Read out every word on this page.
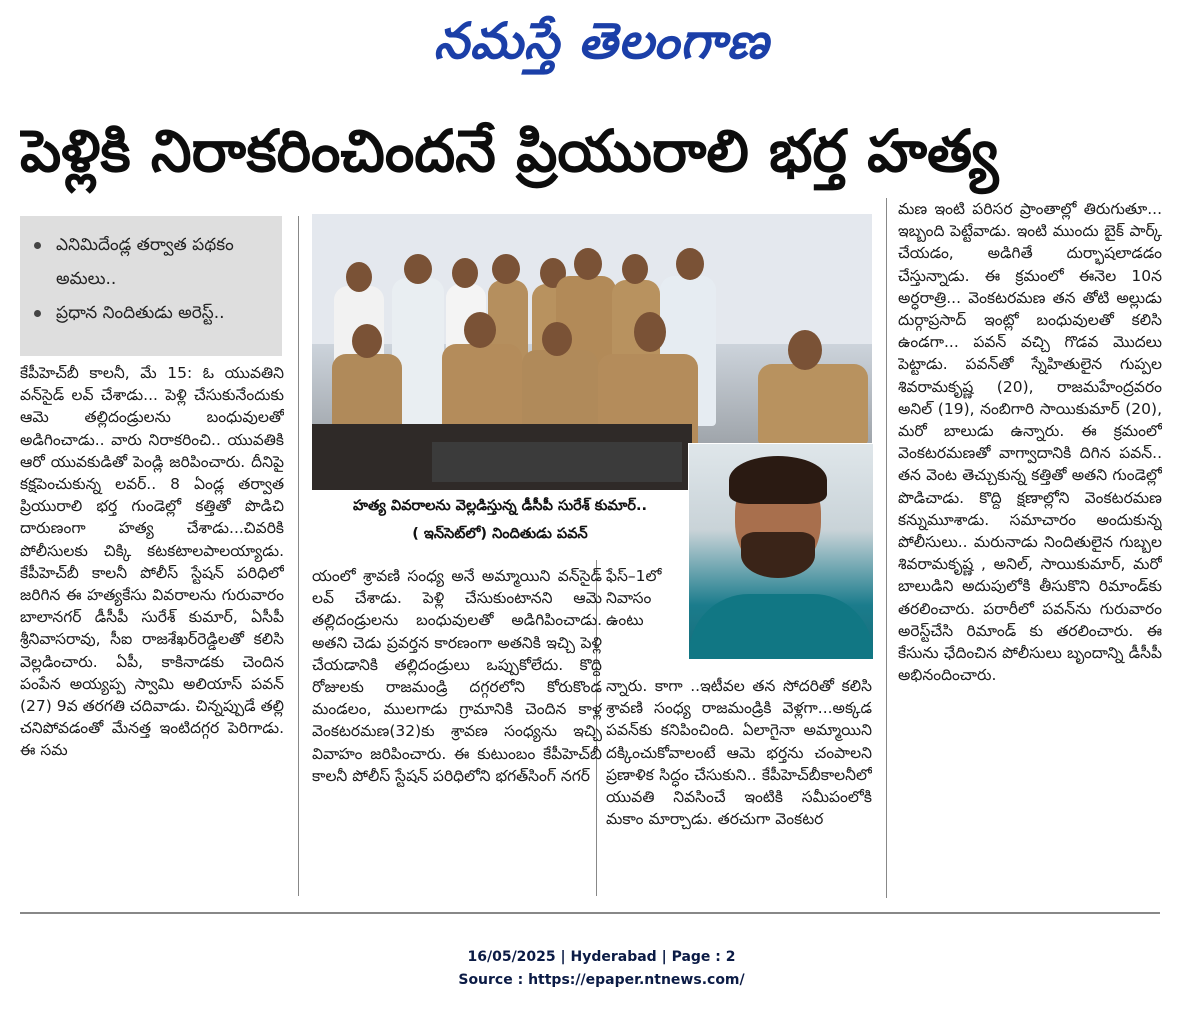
నమస్తే తెలంగాణ
పెళ్లికి నిరాకరించిందనే ప్రియురాలి భర్త హత్య
ఎనిమిదేండ్ల తర్వాత పథకం అమలు..
ప్రధాన నిందితుడు అరెస్ట్..
హత్య వివరాలను వెల్లడిస్తున్న డీసీపీ సురేశ్ కుమార్..
( ఇన్‌సెట్‌లో) నిందితుడు పవన్

కేపీహెచ్‌బీ కాలనీ, మే 15: ఓ యువతిని వన్‌సైడ్ లవ్ చేశాడు... పెళ్లి చేసుకునేందుకు ఆమె తల్లిదండ్రులను బంధువులతో అడిగించాడు.. వారు నిరాకరించి.. యువతికి ఆరో యువకుడితో పెండ్లి జరిపించారు. దీనిపై కక్షపెంచుకున్న లవర్.. 8 ఏండ్ల తర్వాత ప్రియురాలి భర్త గుండెల్లో కత్తితో పొడిచి దారుణంగా హత్య చేశాడు...చివరికి పోలీసులకు చిక్కి కటకటాలపాలయ్యాడు. కేపీహెచ్‌బీ కాలనీ పోలీస్ స్టేషన్ పరిధిలో జరిగిన ఈ హత్యకేసు వివరాలను గురువారం బాలానగర్ డీసీపీ సురేశ్ కుమార్, ఏసీపీ శ్రీనివాసరావు, సీఐ రాజశేఖర్‌రెడ్డిలతో కలిసి వెల్లడించారు. ఏపీ, కాకినాడకు చెందిన పంపేన అయ్యప్ప స్వామి అలియాస్ పవన్ (27) 9వ తరగతి చదివాడు. చిన్నప్పుడే తల్లి చనిపోవడంతో మేనత్త ఇంటిదగ్గర పెరిగాడు. ఈ సమ

యంలో శ్రావణి సంధ్య అనే అమ్మాయిని వన్‌సైడ్ లవ్ చేశాడు. పెళ్లి చేసుకుంటానని ఆమె తల్లిదండ్రులను బంధువులతో అడిగిపించాడు. అతని చెడు ప్రవర్తన కారణంగా అతనికి ఇచ్చి పెళ్లి చేయడానికి తల్లిదండ్రులు ఒప్పుకోలేదు. కొద్ది రోజులకు రాజమండ్రి దగ్గరలోని కోరుకొండ మండలం, ములగాడు గ్రామానికి చెందిన కాళ్ల వెంకటరమణ(32)కు శ్రావణ సంధ్యను ఇచ్చి వివాహం జరిపించారు. ఈ కుటుంబం కేపీహెచ్‌బీ కాలనీ పోలీస్ స్టేషన్ పరిధిలోని భగత్‌సింగ్ నగర్

ఫేస్–1లో నివాసం ఉంటు

న్నారు. కాగా ..ఇటీవల తన సోదరితో కలిసి శ్రావణి సంధ్య రాజమండ్రికి వెళ్లగా...అక్కడ పవన్‌కు కనిపించింది. ఏలాగైనా అమ్మాయిని దక్కించుకోవాలంటే ఆమె భర్తను చంపాలని ప్రణాళిక సిద్ధం చేసుకుని.. కేపీహెచ్‌బీకాలనీలో యువతి నివసించే ఇంటికి సమీపంలోకి మకాం మార్చాడు. తరచుగా వెంకటర

మణ ఇంటి పరిసర ప్రాంతాల్లో తిరుగుతూ... ఇబ్బంది పెట్టేవాడు. ఇంటి ముందు బైక్ పార్క్ చేయడం, అడిగితే దుర్భాషలాడడం చేస్తున్నాడు. ఈ క్రమంలో ఈనెల 10న అర్ధరాత్రి... వెంకటరమణ తన తోటి అల్లుడు దుర్గాప్రసాద్ ఇంట్లో బంధువులతో కలిసి ఉండగా... పవన్ వచ్చి గొడవ మొదలు పెట్టాడు. పవన్‌తో స్నేహితులైన గుప్పల శివరామకృష్ణ (20), రాజమహేంద్రవరం అనిల్ (19), నంబిగారి సాయికుమార్ (20), మరో బాలుడు ఉన్నారు. ఈ క్రమంలో వెంకటరమణతో వాగ్వాదానికి దిగిన పవన్.. తన వెంట తెచ్చుకున్న కత్తితో అతని గుండెల్లో పొడిచాడు. కొద్ది క్షణాల్లోని వెంకటరమణ కన్నుమూశాడు. సమాచారం అందుకున్న పోలీసులు.. మరునాడు నిందితులైన గుబ్బల శివరామకృష్ణ , అనిల్, సాయికుమార్, మరో బాలుడిని అదుపులోకి తీసుకొని రిమాండ్‌కు తరలించారు. పరారీలో పవన్‌ను గురువారం అరెస్ట్‌చేసి రిమాండ్ కు తరలించారు. ఈ కేసును ఛేదించిన పోలీసులు బృందాన్ని డీసీపీ అభినందించారు.

16/05/2025 | Hyderabad | Page : 2
Source : https://epaper.ntnews.com/
